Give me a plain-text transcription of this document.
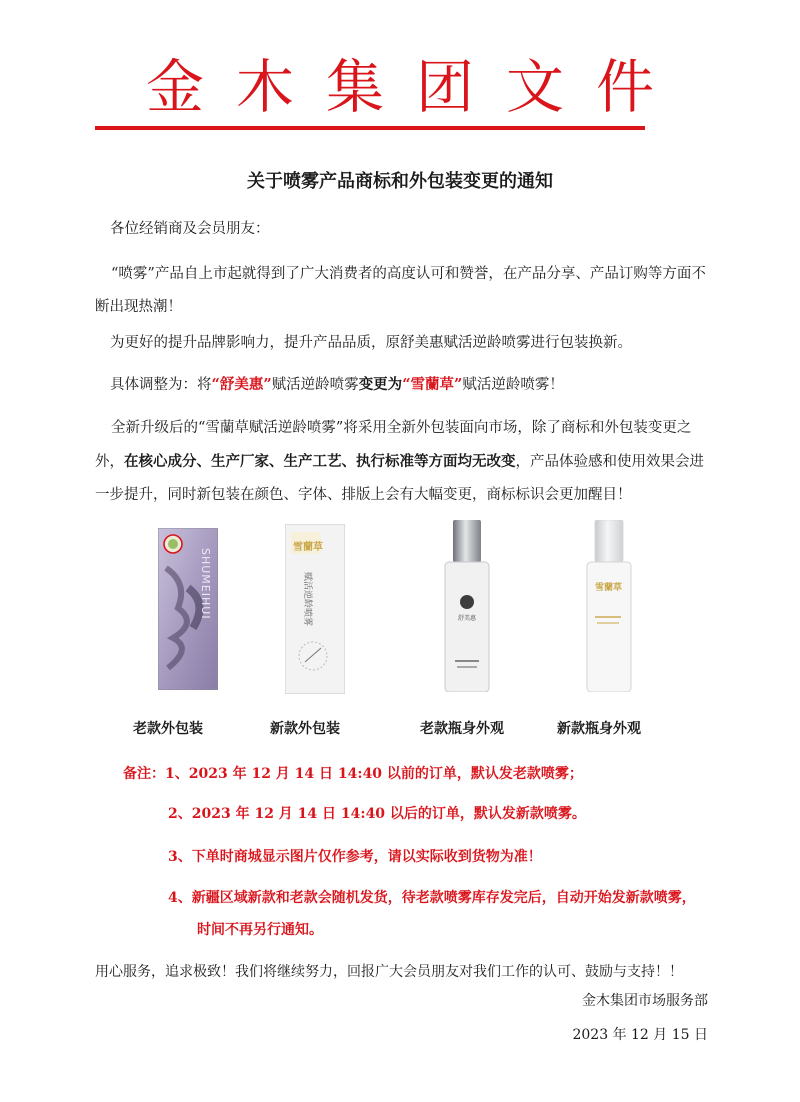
金木集团文件
关于喷雾产品商标和外包装变更的通知
各位经销商及会员朋友：
“喷雾”产品自上市起就得到了广大消费者的高度认可和赞誉，在产品分享、产品订购等方面不断出现热潮！
为更好的提升品牌影响力，提升产品品质，原舒美惠赋活逆龄喷雾进行包装换新。
具体调整为：将“舒美惠”赋活逆龄喷雾变更为“雪蘭草”赋活逆龄喷雾！
全新升级后的“雪蘭草赋活逆龄喷雾”将采用全新外包装面向市场，除了商标和外包装变更之外，在核心成分、生产厂家、生产工艺、执行标准等方面均无改变，产品体验感和使用效果会进一步提升，同时新包装在颜色、字体、排版上会有大幅变更，商标标识会更加醒目！
SHUMEIHUI
雪蘭草
赋活逆龄喷雾	舒美惠
雪蘭草
老款外包装	新款外包装	老款瓶身外观	新款瓶身外观
备注：1、2023 年 12 月 14 日 14:40 以前的订单，默认发老款喷雾；
2、2023 年 12 月 14 日 14:40 以后的订单，默认发新款喷雾。
3、下单时商城显示图片仅作参考，请以实际收到货物为准！
4、新疆区域新款和老款会随机发货，待老款喷雾库存发完后，自动开始发新款喷雾，
时间不再另行通知。
用心服务，追求极致！我们将继续努力，回报广大会员朋友对我们工作的认可、鼓励与支持！！
金木集团市场服务部
2023 年 12 月 15 日
